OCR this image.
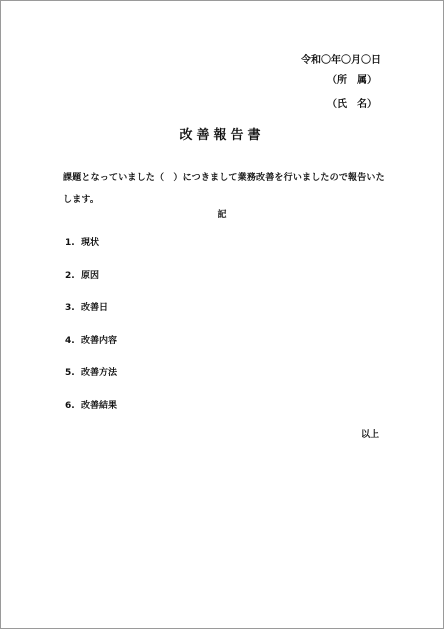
令和〇年〇月〇日
（所　属）
（氏　名）
改善報告書
課題となっていました（　）につきまして業務改善を行いましたので報告いたします。
記
1. 現状
2. 原因
3. 改善日
4. 改善内容
5. 改善方法
6. 改善結果
以上
